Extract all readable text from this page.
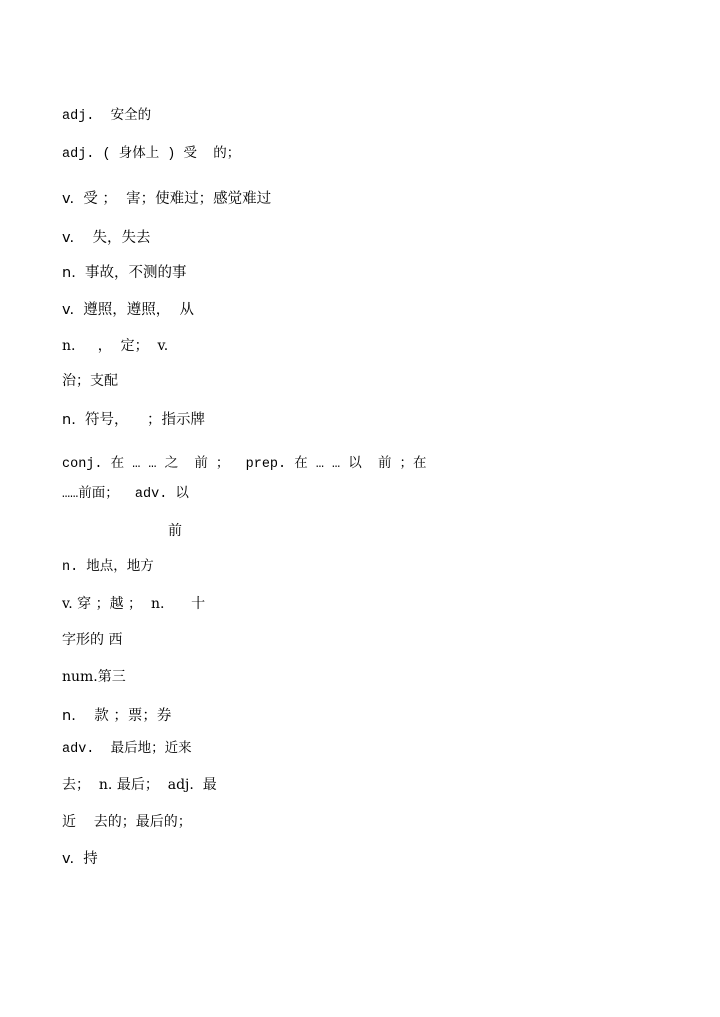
adj.  安全的
adj. ( 身体上 ) 受  的；
v.  受 ；  害；使难过；感觉难过
v.    失，失去
n.  事故，不测的事
v.  遵照，遵照，  从
n.     ，  定；  v.
治；支配
n.  符号，    ；指示牌
conj. 在 … … 之  前 ；  prep. 在 … … 以  前 ；在
……前面；  adv. 以
前
n. 地点，地方
v. 穿 ；越 ；  n.      十
字形的 西
num.第三
n.    款 ；票；券
adv.  最后地；近来
去；  n. 最后；  adj.  最
近    去的；最后的；
v.  持
